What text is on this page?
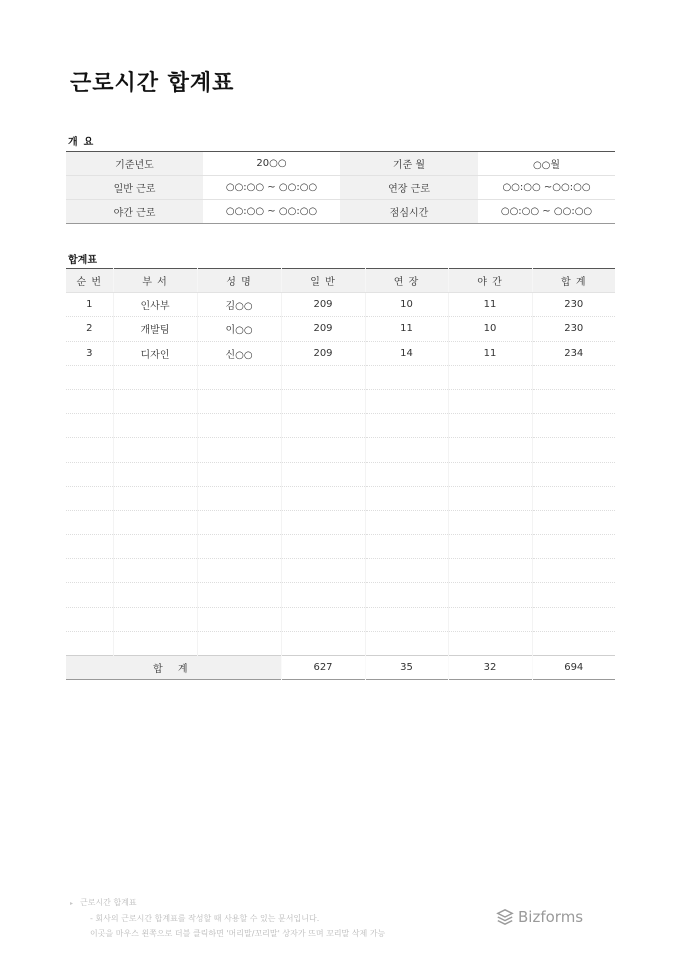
근로시간 합계표
개요
기준년도	20○○	기준 월	○○월
일반 근로	○○:○○ ~ ○○:○○	연장 근로	○○:○○ ~○○:○○
야간 근로	○○:○○ ~ ○○:○○	점심시간	○○:○○ ~ ○○:○○
합계표
순 번	부 서	성 명	일 반	연 장	야 간	합 계
1	인사부	김○○	209	10	11	230
2	개발팀	이○○	209	11	10	230
3	디자인	신○○	209	14	11	234

합 계			627	35	32	694
▸ 근로시간 합계표
- 회사의 근로시간 합계표를 작성할 때 사용할 수 있는 문서입니다.
이곳을 마우스 왼쪽으로 더블 클릭하면 '머리말/꼬리말' 상자가 뜨며 꼬리말 삭제 가능
Bizforms
